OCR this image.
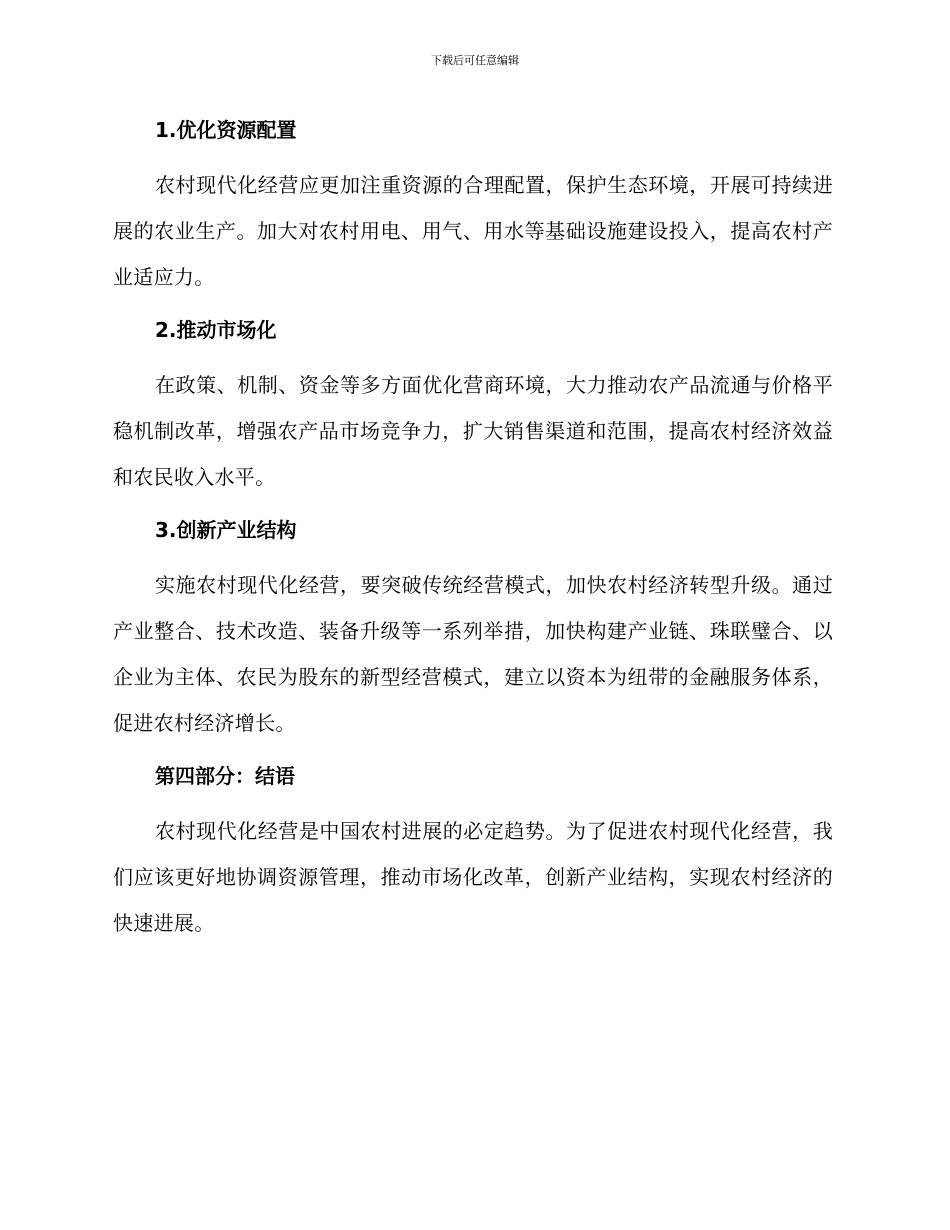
下载后可任意编辑

1.优化资源配置

农村现代化经营应更加注重资源的合理配置，保护生态环境，开展可持续进展的农业生产。加大对农村用电、用气、用水等基础设施建设投入，提高农村产业适应力。

2.推动市场化

在政策、机制、资金等多方面优化营商环境，大力推动农产品流通与价格平稳机制改革，增强农产品市场竞争力，扩大销售渠道和范围，提高农村经济效益和农民收入水平。

3.创新产业结构

实施农村现代化经营，要突破传统经营模式，加快农村经济转型升级。通过产业整合、技术改造、装备升级等一系列举措，加快构建产业链、珠联璧合、以企业为主体、农民为股东的新型经营模式，建立以资本为纽带的金融服务体系，促进农村经济增长。

第四部分：结语

农村现代化经营是中国农村进展的必定趋势。为了促进农村现代化经营，我们应该更好地协调资源管理，推动市场化改革，创新产业结构，实现农村经济的快速进展。
